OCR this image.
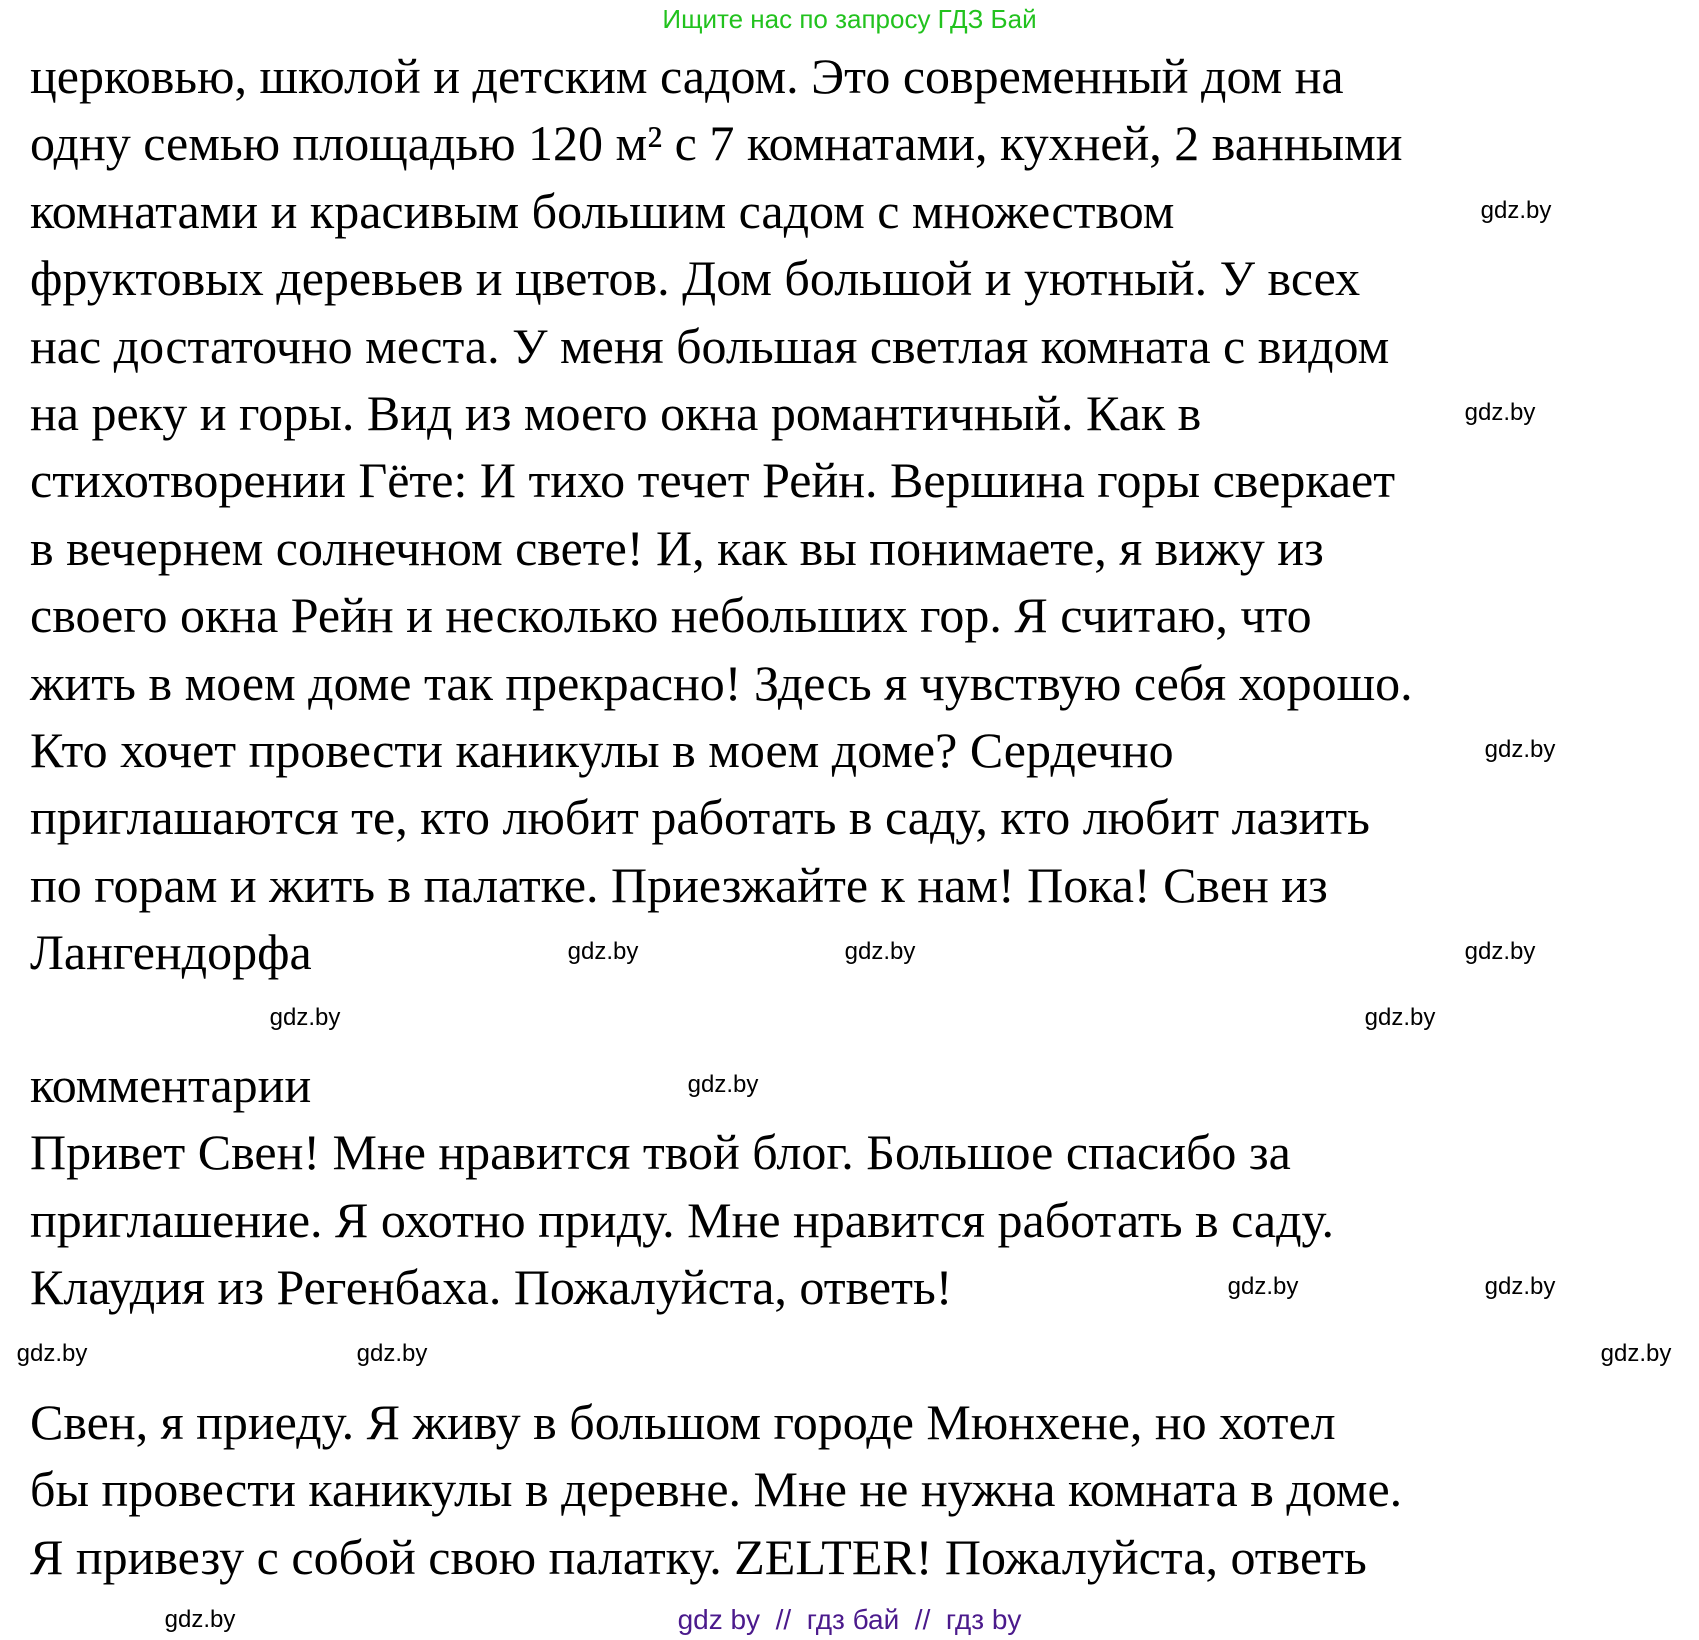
Ищите нас по запросу ГДЗ Бай
церковью, школой и детским садом. Это современный дом на
одну семью площадью 120 м² с 7 комнатами, кухней, 2 ванными
комнатами и красивым большим садом с множеством
фруктовых деревьев и цветов. Дом большой и уютный. У всех
нас достаточно места. У меня большая светлая комната с видом
на реку и горы. Вид из моего окна романтичный. Как в
стихотворении Гёте: И тихо течет Рейн. Вершина горы сверкает
в вечернем солнечном свете! И, как вы понимаете, я вижу из
своего окна Рейн и несколько небольших гор. Я считаю, что
жить в моем доме так прекрасно! Здесь я чувствую себя хорошо.
Кто хочет провести каникулы в моем доме? Сердечно
приглашаются те, кто любит работать в саду, кто любит лазить
по горам и жить в палатке. Приезжайте к нам! Пока! Свен из
Лангендорфа
комментарии
Привет Свен! Мне нравится твой блог. Большое спасибо за
приглашение. Я охотно приду. Мне нравится работать в саду.
Клаудия из Регенбаха. Пожалуйста, ответь!
Свен, я приеду. Я живу в большом городе Мюнхене, но хотел
бы провести каникулы в деревне. Мне не нужна комната в доме.
Я привезу с собой свою палатку. ZELTER! Пожалуйста, ответь
gdz.by
gdz.by
gdz.by
gdz.by	gdz.by	gdz.by
gdz.by	gdz.by
gdz.by
gdz.by	gdz.by
gdz.by	gdz.by	gdz.by
gdz.by	gdz by  //  гдз бай  //  гдз by
